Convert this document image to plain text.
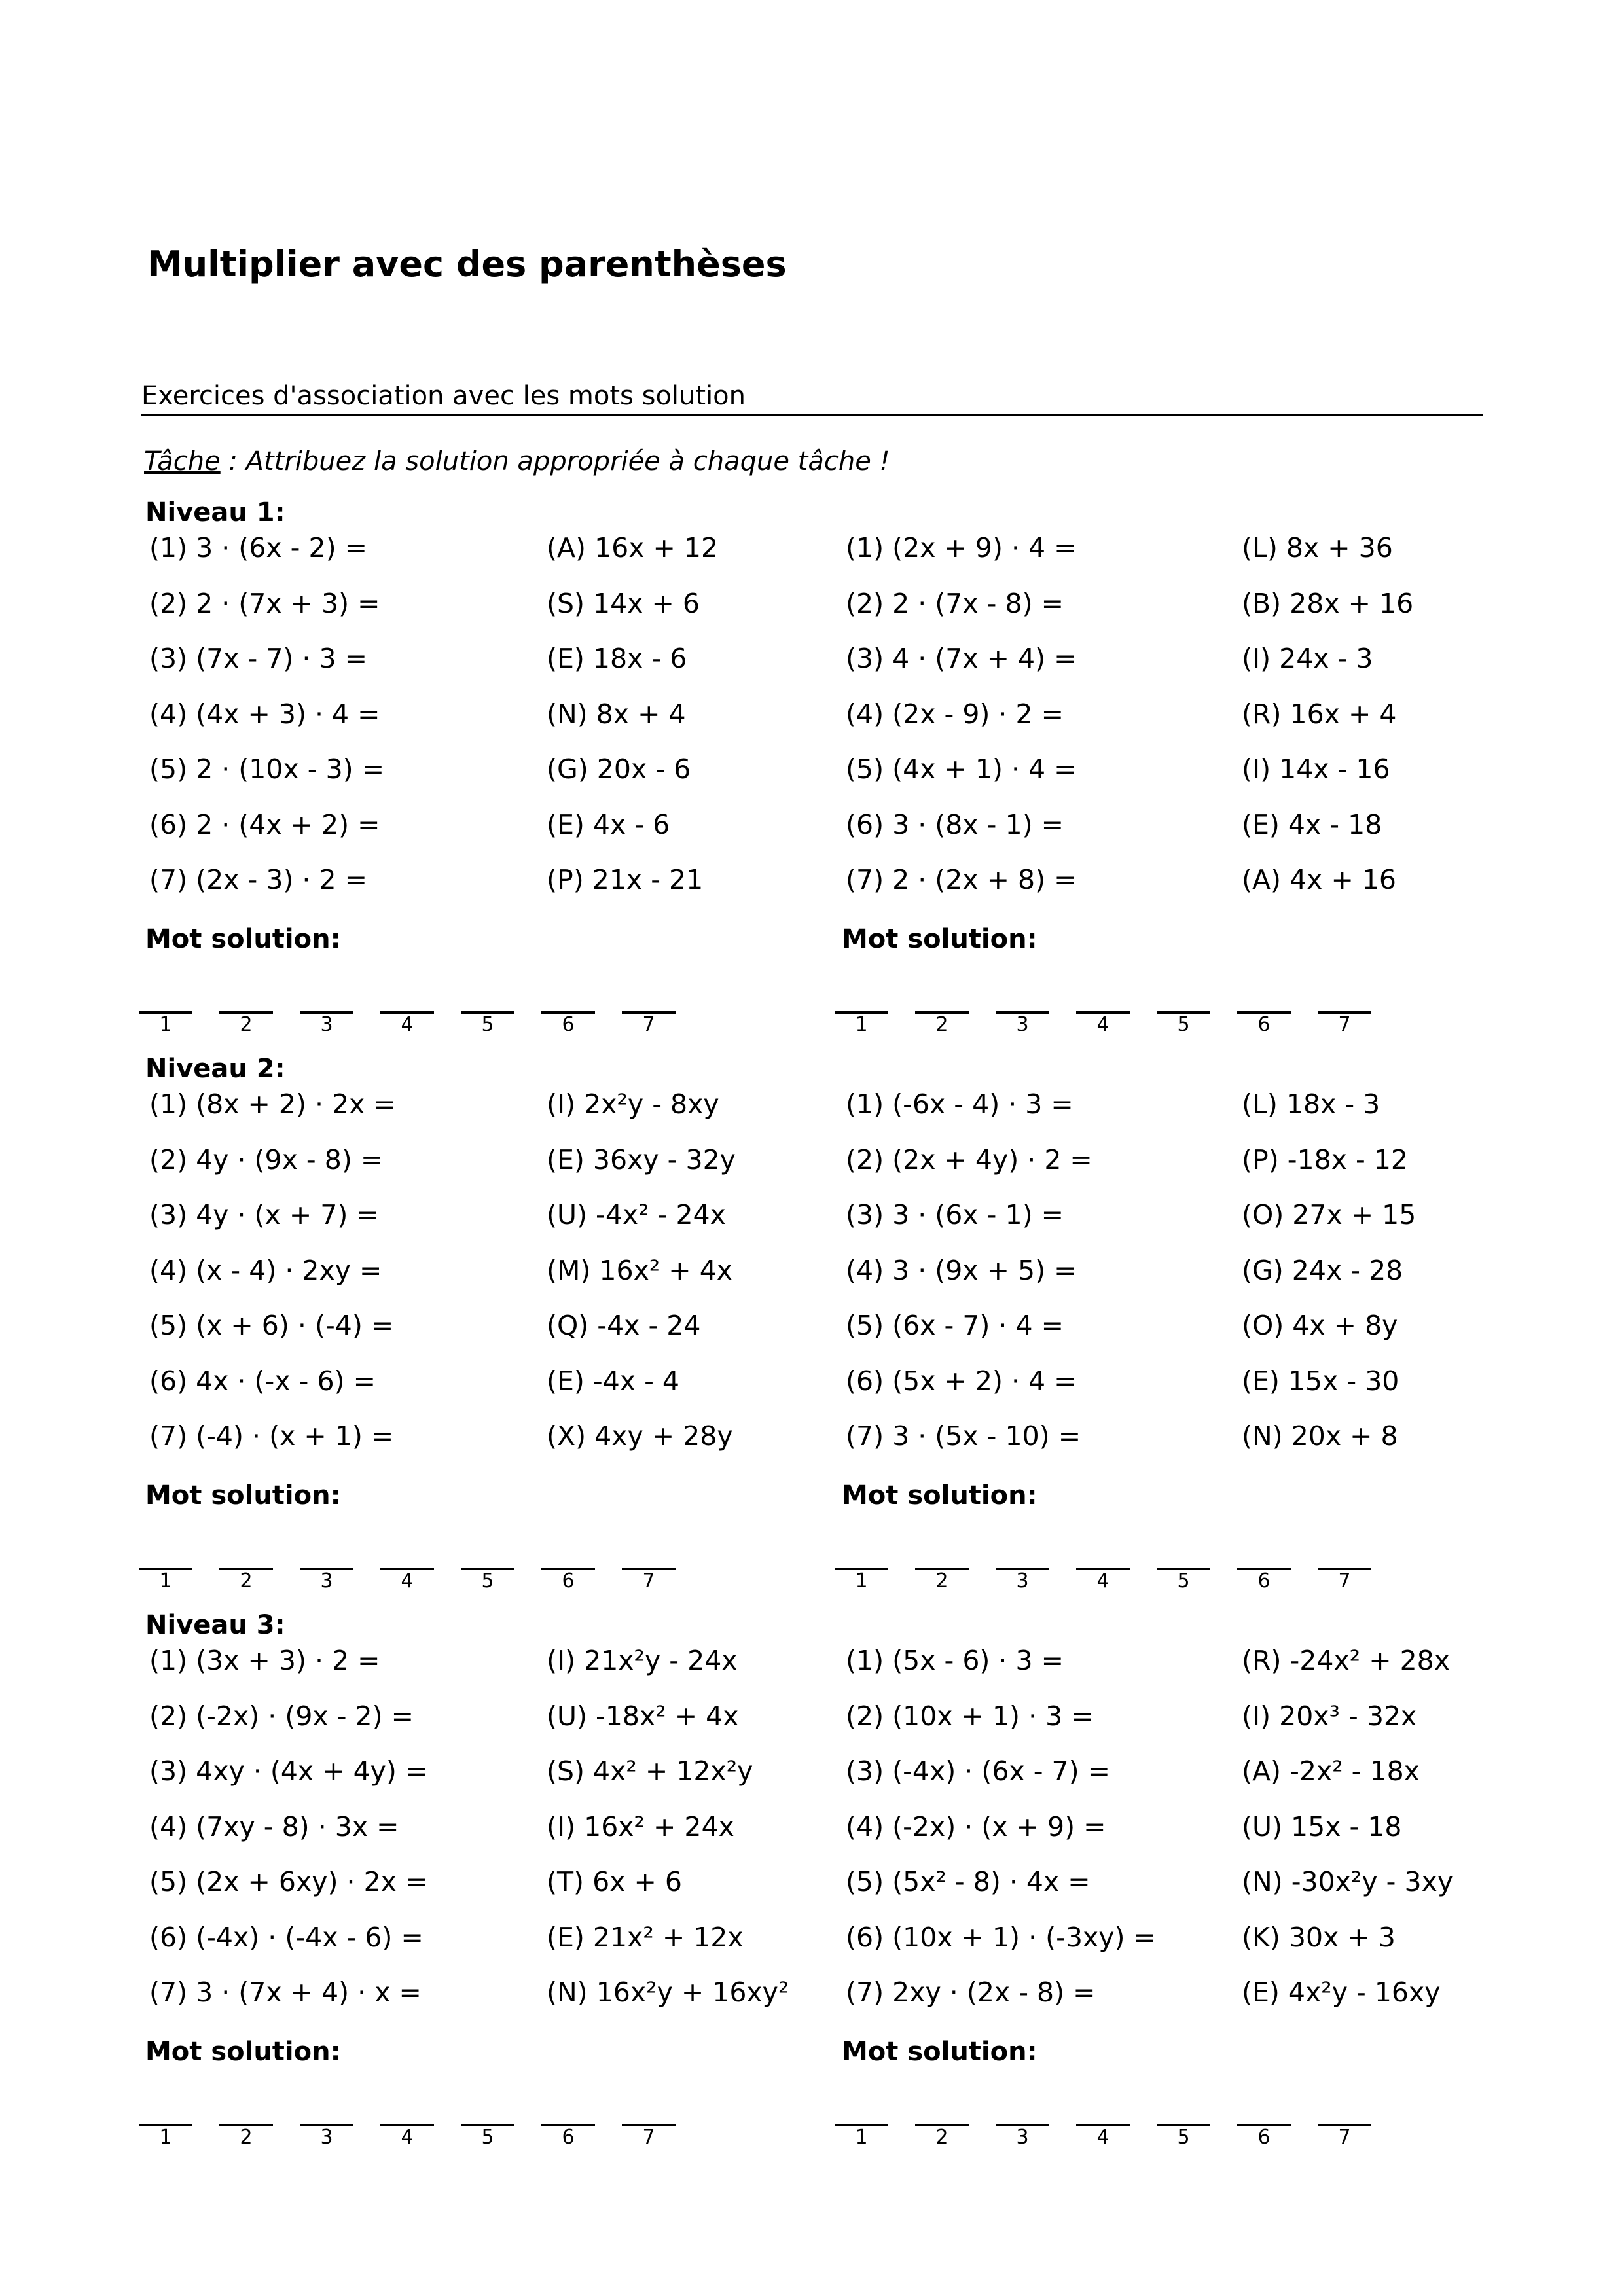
Multiplier avec des parenthèses
Exercices d'association avec les mots solution
Tâche : Attribuez la solution appropriée à chaque tâche !
Niveau 1:
(1) 3 · (6x - 2) =	(A) 16x + 12
(2) 2 · (7x + 3) =	(S) 14x + 6
(3) (7x - 7) · 3 =	(E) 18x - 6
(4) (4x + 3) · 4 =	(N) 8x + 4
(5) 2 · (10x - 3) =	(G) 20x - 6
(6) 2 · (4x + 2) =	(E) 4x - 6
(7) (2x - 3) · 2 =	(P) 21x - 21
Mot solution:
1	2	3	4	5	6	7
(1) (2x + 9) · 4 =	(L) 8x + 36
(2) 2 · (7x - 8) =	(B) 28x + 16
(3) 4 · (7x + 4) =	(I) 24x - 3
(4) (2x - 9) · 2 =	(R) 16x + 4
(5) (4x + 1) · 4 =	(I) 14x - 16
(6) 3 · (8x - 1) =	(E) 4x - 18
(7) 2 · (2x + 8) =	(A) 4x + 16
Mot solution:
1	2	3	4	5	6	7
Niveau 2:
(1) (8x + 2) · 2x =	(I) 2x²y - 8xy
(2) 4y · (9x - 8) =	(E) 36xy - 32y
(3) 4y · (x + 7) =	(U) -4x² - 24x
(4) (x - 4) · 2xy =	(M) 16x² + 4x
(5) (x + 6) · (-4) =	(Q) -4x - 24
(6) 4x · (-x - 6) =	(E) -4x - 4
(7) (-4) · (x + 1) =	(X) 4xy + 28y
Mot solution:
1	2	3	4	5	6	7
(1) (-6x - 4) · 3 =	(L) 18x - 3
(2) (2x + 4y) · 2 =	(P) -18x - 12
(3) 3 · (6x - 1) =	(O) 27x + 15
(4) 3 · (9x + 5) =	(G) 24x - 28
(5) (6x - 7) · 4 =	(O) 4x + 8y
(6) (5x + 2) · 4 =	(E) 15x - 30
(7) 3 · (5x - 10) =	(N) 20x + 8
Mot solution:
1	2	3	4	5	6	7
Niveau 3:
(1) (3x + 3) · 2 =	(I) 21x²y - 24x
(2) (-2x) · (9x - 2) =	(U) -18x² + 4x
(3) 4xy · (4x + 4y) =	(S) 4x² + 12x²y
(4) (7xy - 8) · 3x =	(I) 16x² + 24x
(5) (2x + 6xy) · 2x =	(T) 6x + 6
(6) (-4x) · (-4x - 6) =	(E) 21x² + 12x
(7) 3 · (7x + 4) · x =	(N) 16x²y + 16xy²
Mot solution:
1	2	3	4	5	6	7
(1) (5x - 6) · 3 =	(R) -24x² + 28x
(2) (10x + 1) · 3 =	(I) 20x³ - 32x
(3) (-4x) · (6x - 7) =	(A) -2x² - 18x
(4) (-2x) · (x + 9) =	(U) 15x - 18
(5) (5x² - 8) · 4x =	(N) -30x²y - 3xy
(6) (10x + 1) · (-3xy) =	(K) 30x + 3
(7) 2xy · (2x - 8) =	(E) 4x²y - 16xy
Mot solution:
1	2	3	4	5	6	7
